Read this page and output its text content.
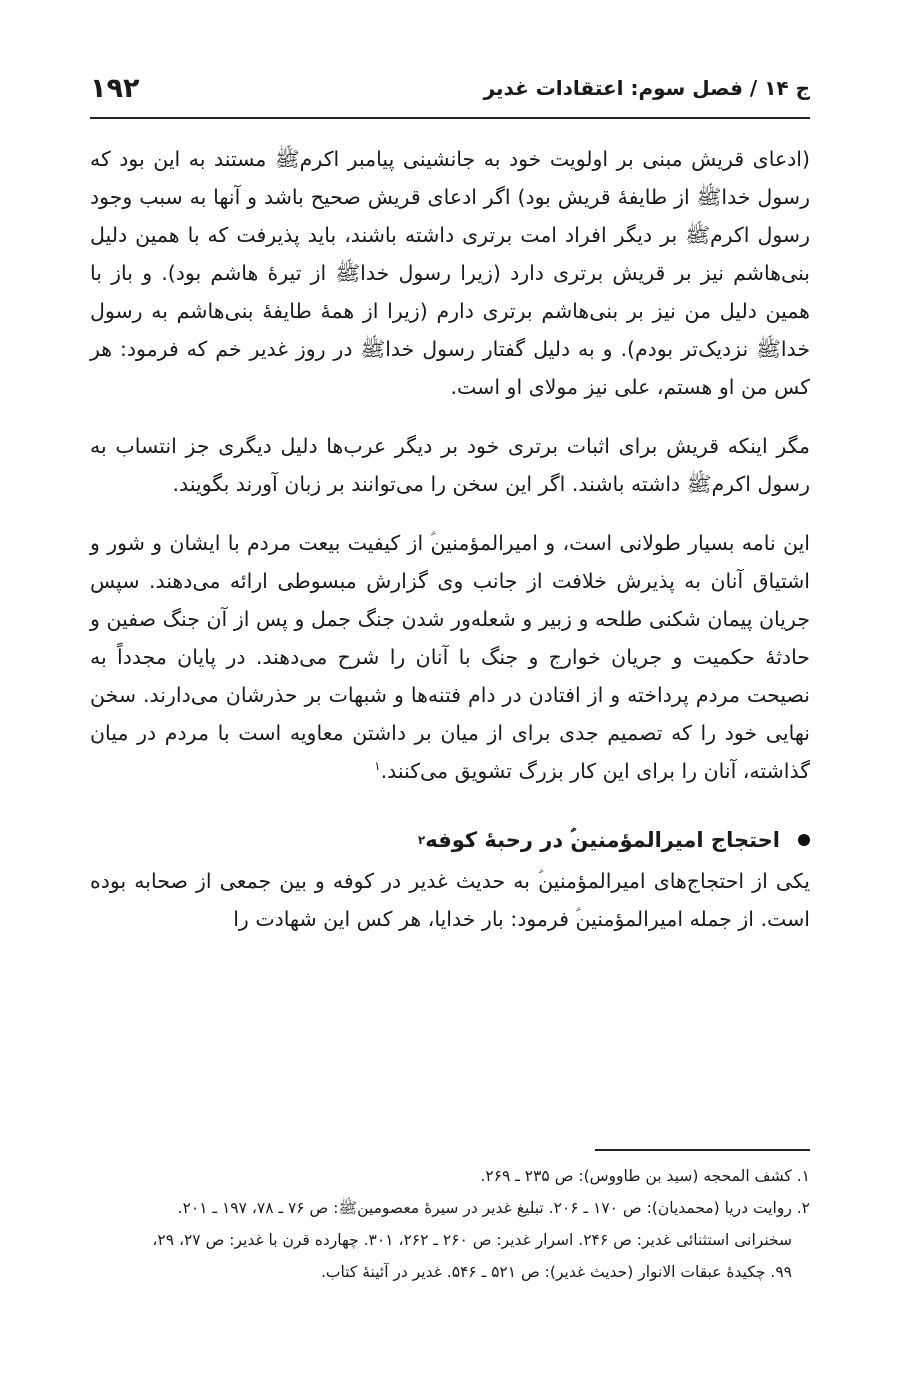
۱۹۲	ج ۱۴ / فصل سوم: اعتقادات غدیر

(ادعای قریش مبنی بر اولویت خود به جانشینی پیامبر اکرمﷺ مستند به این بود که رسول خداﷺ از طایفهٔ قریش بود) اگر ادعای قریش صحیح باشد و آنها به سبب وجود رسول اکرمﷺ بر دیگر افراد امت برتری داشته باشند، باید پذیرفت که با همین دلیل بنی‌هاشم نیز بر قریش برتری دارد (زیرا رسول خداﷺ از تیرهٔ هاشم بود). و باز با همین دلیل من نیز بر بنی‌هاشم برتری دارم (زیرا از همهٔ طایفهٔ بنی‌هاشم به رسول خداﷺ نزدیک‌تر بودم). و به دلیل گفتار رسول خداﷺ در روز غدیر خم که فرمود: هر کس من او هستم، علی نیز مولای او است.

مگر اینکه قریش برای اثبات برتری خود بر دیگر عرب‌ها دلیل دیگری جز انتساب به رسول اکرمﷺ داشته باشند. اگر این سخن را می‌توانند بر زبان آورند بگویند.

این نامه بسیار طولانی است، و امیرالمؤمنین‌ؑ از کیفیت بیعت مردم با ایشان و شور و اشتیاق آنان به پذیرش خلافت از جانب وی گزارش مبسوطی ارائه می‌دهند. سپس جریان پیمان شکنی طلحه و زبیر و شعله‌ور شدن جنگ جمل و پس از آن جنگ صفین و حادثهٔ حکمیت و جریان خوارج و جنگ با آنان را شرح می‌دهند. در پایان مجدداً به نصیحت مردم پرداخته و از افتادن در دام فتنه‌ها و شبهات بر حذرشان می‌دارند. سخن نهایی خود را که تصمیم جدی برای از میان بر داشتن معاویه است با مردم در میان گذاشته، آنان را برای این کار بزرگ تشویق می‌کنند.$^۱$

احتجاج امیرالمؤمنین‌ؑ در رحبهٔ کوفه
۲

یکی از احتجاج‌های امیرالمؤمنین‌ؑ به حدیث غدیر در کوفه و بین جمعی از صحابه بوده است. از جمله امیرالمؤمنین‌ؑ فرمود: بار خدایا، هر کس این شهادت را

۱. کشف المحجه (سید بن طاووس): ص ۲۳۵ ـ ۲۶۹.

۲. روایت دریا (محمدیان): ص ۱۷۰ ـ ۲۰۶. تبلیغ غدیر در سیرهٔ معصومینﷺ: ص ۷۶ ـ ۷۸، ۱۹۷ ـ ۲۰۱.

سخنرانی استثنائی غدیر: ص ۲۴۶. اسرار غدیر: ص ۲۶۰ ـ ۲۶۲، ۳۰۱. چهارده قرن با غدیر: ص ۲۷، ۲۹،

۹۹. چکیدهٔ عبقات الانوار (حدیث غدیر): ص ۵۲۱ ـ ۵۴۶. غدیر در آئینهٔ کتاب.
